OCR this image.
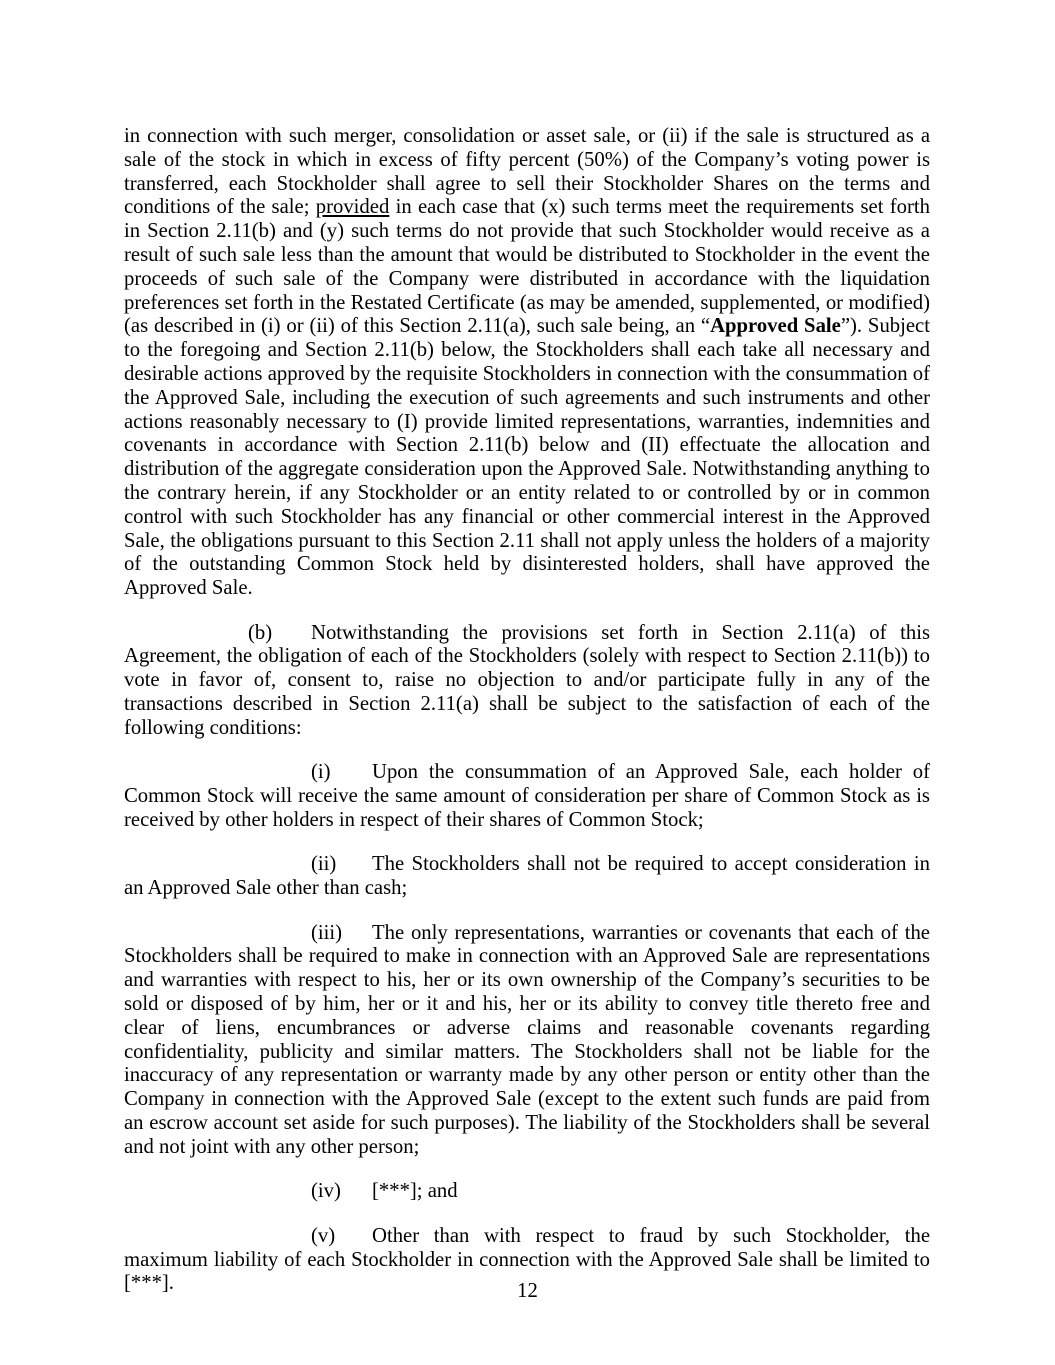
in connection with such merger, consolidation or asset sale, or (ii) if the sale is structured as a sale of the stock in which in excess of fifty percent (50%) of the Company’s voting power is transferred, each Stockholder shall agree to sell their Stockholder Shares on the terms and conditions of the sale; provided in each case that (x) such terms meet the requirements set forth in Section 2.11(b) and (y) such terms do not provide that such Stockholder would receive as a result of such sale less than the amount that would be distributed to Stockholder in the event the proceeds of such sale of the Company were distributed in accordance with the liquidation preferences set forth in the Restated Certificate (as may be amended, supplemented, or modified) (as described in (i) or (ii) of this Section 2.11(a), such sale being, an “Approved Sale”). Subject to the foregoing and Section 2.11(b) below, the Stockholders shall each take all necessary and desirable actions approved by the requisite Stockholders in connection with the consummation of the Approved Sale, including the execution of such agreements and such instruments and other actions reasonably necessary to (I) provide limited representations, warranties, indemnities and covenants in accordance with Section 2.11(b) below and (II) effectuate the allocation and distribution of the aggregate consideration upon the Approved Sale. Notwithstanding anything to the contrary herein, if any Stockholder or an entity related to or controlled by or in common control with such Stockholder has any financial or other commercial interest in the Approved Sale, the obligations pursuant to this Section 2.11 shall not apply unless the holders of a majority of the outstanding Common Stock held by disinterested holders, shall have approved the Approved Sale.

(b) Notwithstanding the provisions set forth in Section 2.11(a) of this Agreement, the obligation of each of the Stockholders (solely with respect to Section 2.11(b)) to vote in favor of, consent to, raise no objection to and/or participate fully in any of the transactions described in Section 2.11(a) shall be subject to the satisfaction of each of the following conditions:

(i) Upon the consummation of an Approved Sale, each holder of Common Stock will receive the same amount of consideration per share of Common Stock as is received by other holders in respect of their shares of Common Stock;

(ii) The Stockholders shall not be required to accept consideration in an Approved Sale other than cash;

(iii) The only representations, warranties or covenants that each of the Stockholders shall be required to make in connection with an Approved Sale are representations and warranties with respect to his, her or its own ownership of the Company’s securities to be sold or disposed of by him, her or it and his, her or its ability to convey title thereto free and clear of liens, encumbrances or adverse claims and reasonable covenants regarding confidentiality, publicity and similar matters. The Stockholders shall not be liable for the inaccuracy of any representation or warranty made by any other person or entity other than the Company in connection with the Approved Sale (except to the extent such funds are paid from an escrow account set aside for such purposes). The liability of the Stockholders shall be several and not joint with any other person;

(iv) [***]; and

(v) Other than with respect to fraud by such Stockholder, the maximum liability of each Stockholder in connection with the Approved Sale shall be limited to [***].	12
